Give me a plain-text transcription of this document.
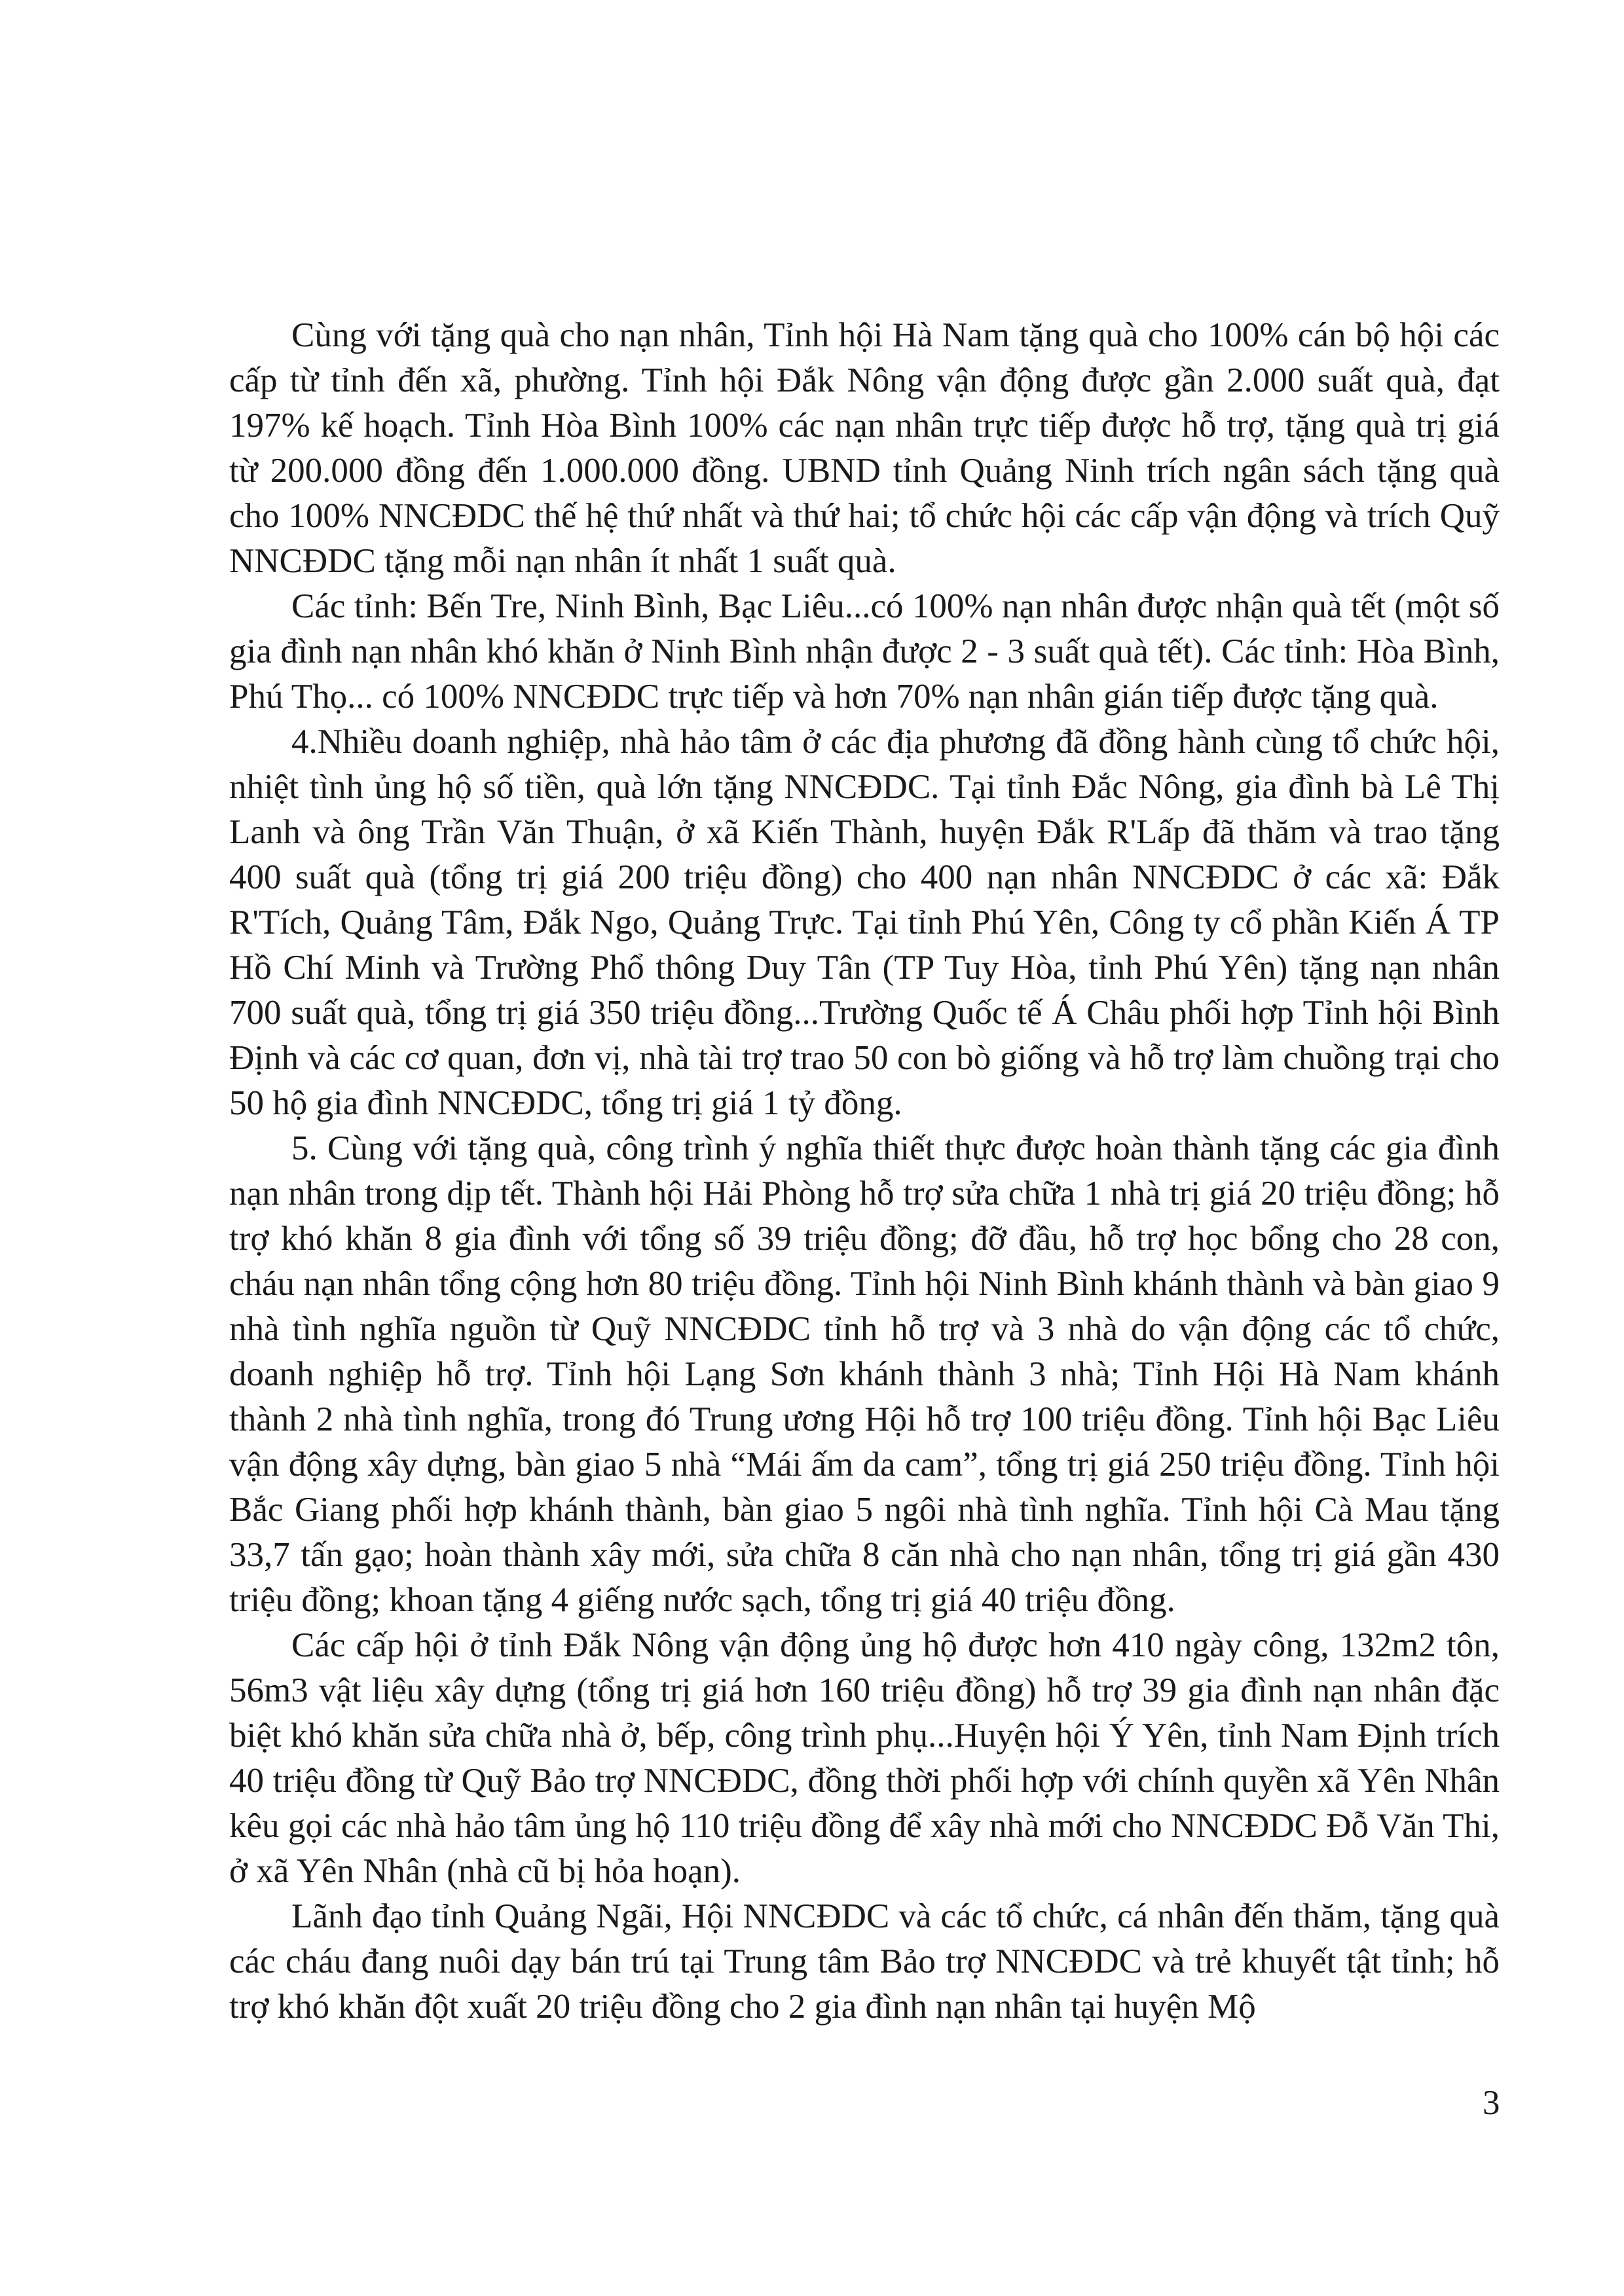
Cùng với tặng quà cho nạn nhân, Tỉnh hội Hà Nam tặng quà cho 100% cán bộ hội các cấp từ tỉnh đến xã, phường. Tỉnh hội Đắk Nông vận động được gần 2.000 suất quà, đạt 197% kế hoạch. Tỉnh Hòa Bình 100% các nạn nhân trực tiếp được hỗ trợ, tặng quà trị giá từ 200.000 đồng đến 1.000.000 đồng. UBND tỉnh Quảng Ninh trích ngân sách tặng quà cho 100% NNCĐDC thế hệ thứ nhất và thứ hai; tổ chức hội các cấp vận động và trích Quỹ NNCĐDC tặng mỗi nạn nhân ít nhất 1 suất quà.

Các tỉnh: Bến Tre, Ninh Bình, Bạc Liêu...có 100% nạn nhân được nhận quà tết (một số gia đình nạn nhân khó khăn ở Ninh Bình nhận được 2 - 3 suất quà tết). Các tỉnh: Hòa Bình, Phú Thọ... có 100% NNCĐDC trực tiếp và hơn 70% nạn nhân gián tiếp được tặng quà.

4.Nhiều doanh nghiệp, nhà hảo tâm ở các địa phương đã đồng hành cùng tổ chức hội, nhiệt tình ủng hộ số tiền, quà lớn tặng NNCĐDC. Tại tỉnh Đắc Nông, gia đình bà Lê Thị Lanh và ông Trần Văn Thuận, ở xã Kiến Thành, huyện Đắk R'Lấp đã thăm và trao tặng 400 suất quà (tổng trị giá 200 triệu đồng) cho 400 nạn nhân NNCĐDC ở các xã: Đắk R'Tích, Quảng Tâm, Đắk Ngo, Quảng Trực. Tại tỉnh Phú Yên, Công ty cổ phần Kiến Á TP Hồ Chí Minh và Trường Phổ thông Duy Tân (TP Tuy Hòa, tỉnh Phú Yên) tặng nạn nhân 700 suất quà, tổng trị giá 350 triệu đồng...Trường Quốc tế Á Châu phối hợp Tỉnh hội Bình Định và các cơ quan, đơn vị, nhà tài trợ trao 50 con bò giống và hỗ trợ làm chuồng trại cho 50 hộ gia đình NNCĐDC, tổng trị giá 1 tỷ đồng.

5. Cùng với tặng quà, công trình ý nghĩa thiết thực được hoàn thành tặng các gia đình nạn nhân trong dịp tết. Thành hội Hải Phòng hỗ trợ sửa chữa 1 nhà trị giá 20 triệu đồng; hỗ trợ khó khăn 8 gia đình với tổng số 39 triệu đồng; đỡ đầu, hỗ trợ học bổng cho 28 con, cháu nạn nhân tổng cộng hơn 80 triệu đồng. Tỉnh hội Ninh Bình khánh thành và bàn giao 9 nhà tình nghĩa nguồn từ Quỹ NNCĐDC tỉnh hỗ trợ và 3 nhà do vận động các tổ chức, doanh nghiệp hỗ trợ. Tỉnh hội Lạng Sơn khánh thành 3 nhà; Tỉnh Hội Hà Nam khánh thành 2 nhà tình nghĩa, trong đó Trung ương Hội hỗ trợ 100 triệu đồng. Tỉnh hội Bạc Liêu vận động xây dựng, bàn giao 5 nhà “Mái ấm da cam”, tổng trị giá 250 triệu đồng. Tỉnh hội Bắc Giang phối hợp khánh thành, bàn giao 5 ngôi nhà tình nghĩa. Tỉnh hội Cà Mau tặng 33,7 tấn gạo; hoàn thành xây mới, sửa chữa 8 căn nhà cho nạn nhân, tổng trị giá gần 430 triệu đồng; khoan tặng 4 giếng nước sạch, tổng trị giá 40 triệu đồng.

Các cấp hội ở tỉnh Đắk Nông vận động ủng hộ được hơn 410 ngày công, 132m2 tôn, 56m3 vật liệu xây dựng (tổng trị giá hơn 160 triệu đồng) hỗ trợ 39 gia đình nạn nhân đặc biệt khó khăn sửa chữa nhà ở, bếp, công trình phụ...Huyện hội Ý Yên, tỉnh Nam Định trích 40 triệu đồng từ Quỹ Bảo trợ NNCĐDC, đồng thời phối hợp với chính quyền xã Yên Nhân kêu gọi các nhà hảo tâm ủng hộ 110 triệu đồng để xây nhà mới cho NNCĐDC Đỗ Văn Thi, ở xã Yên Nhân (nhà cũ bị hỏa hoạn).

Lãnh đạo tỉnh Quảng Ngãi, Hội NNCĐDC và các tổ chức, cá nhân đến thăm, tặng quà các cháu đang nuôi dạy bán trú tại Trung tâm Bảo trợ NNCĐDC và trẻ khuyết tật tỉnh; hỗ trợ khó khăn đột xuất 20 triệu đồng cho 2 gia đình nạn nhân tại huyện Mộ

3
